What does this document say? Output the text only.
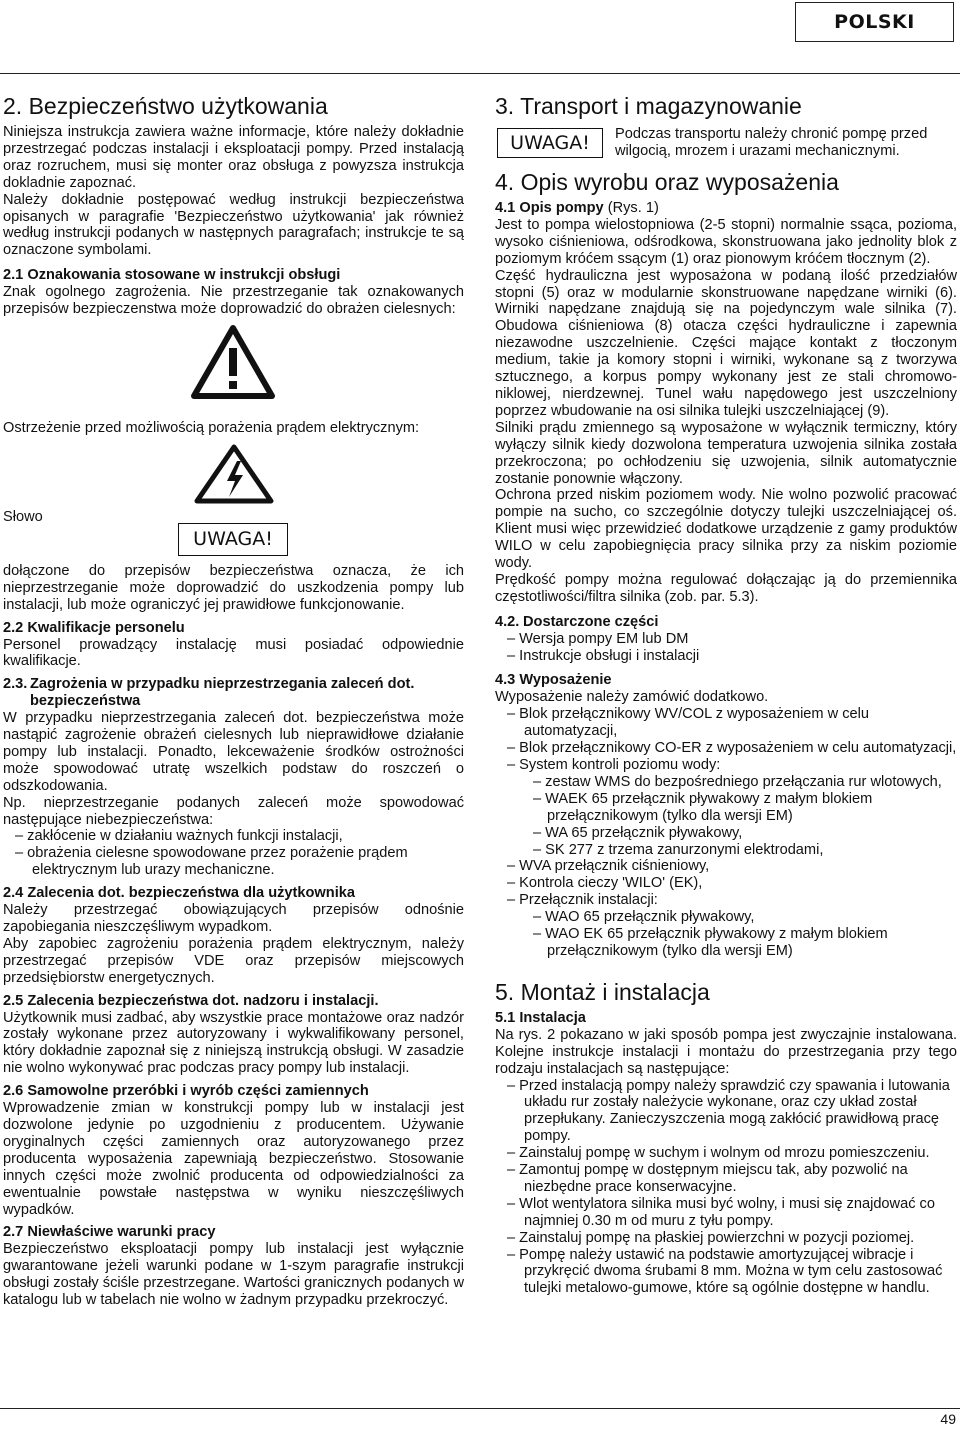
POLSKI
2. Bezpieczeństwo użytkowania

Niniejsza instrukcja zawiera ważne informacje, które należy dokładnie przestrzegać podczas instalacji i eksploatacji pompy. Przed instalacją oraz rozruchem, musi się monter oraz obsługa z powyzsza instrukcja dokladnie zapoznać.

Należy dokładnie postępować według instrukcji bezpieczeństwa opisanych w paragrafie 'Bezpieczeństwo użytkowania' jak również według instrukcji podanych w następnych paragrafach; instrukcje te są oznaczone symbolami.

2.1 Oznakowania stosowane w instrukcji obsługi

Znak ogolnego zagrożenia. Nie przestrzeganie tak oznakowanych przepisów bezpieczenstwa może doprowadzić do obrażen cielesnych:

Ostrzeżenie przed możliwością porażenia prądem elektrycznym:

Słowo
UWAGA!

dołączone do przepisów bezpieczeństwa oznacza, że ich nieprzestrzeganie może doprowadzić do uszkodzenia pompy lub instalacji, lub może ograniczyć jej prawidłowe funkcjonowanie.

2.2 Kwalifikacje personelu

Personel prowadzący instalację musi posiadać odpowiednie kwalifikacje.

2.3. Zagrożenia w przypadku nieprzestrzegania zaleceń dot.
bezpieczeństwa

W przypadku nieprzestrzegania zaleceń dot. bezpieczeństwa może nastąpić zagrożenie obrażeń cielesnych lub nieprawidłowe działanie pompy lub instalacji. Ponadto, lekceważenie środków ostrożności może spowodować utratę wszelkich podstaw do roszczeń o odszkodowania.

Np. nieprzestrzeganie podanych zaleceń może spowodować następujące niebezpieczeństwa:

– zakłócenie w działaniu ważnych funkcji instalacji,
– obrażenia cielesne spowodowane przez porażenie prądem elektrycznym lub urazy mechaniczne.
2.4 Zalecenia dot. bezpieczeństwa dla użytkownika

Należy przestrzegać obowiązujących przepisów odnośnie zapobiegania nieszczęśliwym wypadkom.

Aby zapobiec zagrożeniu porażenia prądem elektrycznym, należy przestrzegać przepisów VDE oraz przepisów miejscowych przedsiębiorstw energetycznych.

2.5 Zalecenia bezpieczeństwa dot. nadzoru i instalacji.

Użytkownik musi zadbać, aby wszystkie prace montażowe oraz nadzór zostały wykonane przez autoryzowany i wykwalifikowany personel, który dokładnie zapoznał się z niniejszą instrukcją obsługi. W zasadzie nie wolno wykonywać prac podczas pracy pompy lub instalacji.

2.6 Samowolne przeróbki i wyrób części zamiennych

Wprowadzenie zmian w konstrukcji pompy lub w instalacji jest dozwolone jedynie po uzgodnieniu z producentem. Używanie oryginalnych części zamiennych oraz autoryzowanego przez producenta wyposażenia zapewniają bezpieczeństwo. Stosowanie innych części może zwolnić producenta od odpowiedzialności za ewentualnie powstałe następstwa w wyniku nieszczęśliwych wypadków.

2.7 Niewłaściwe warunki pracy

Bezpieczeństwo eksploatacji pompy lub instalacji jest wyłącznie gwarantowane jeżeli warunki podane w 1-szym paragrafie instrukcji obsługi zostały ściśle przestrzegane. Wartości granicznych podanych w katalogu lub w tabelach nie wolno w żadnym przypadku przekroczyć.

3. Transport i magazynowanie
UWAGA!	Podczas transportu należy chronić pompę przed wilgocią, mrozem i urazami mechanicznymi.

4. Opis wyrobu oraz wyposażenia
4.1 Opis pompy (Rys. 1)

Jest to pompa wielostopniowa (2-5 stopni) normalnie ssąca, pozioma, wysoko ciśnieniowa, odśrodkowa, skonstruowana jako jednolity blok z poziomym króćem ssącym (1) oraz pionowym króćem tłocznym (2).

Część hydrauliczna jest wyposażona w podaną ilość przedziałów stopni (5) oraz w modularnie skonstruowane napędzane wirniki (6). Wirniki napędzane znajdują się na pojedynczym wale silnika (7). Obudowa ciśnieniowa (8) otacza części hydrauliczne i zapewnia niezawodne uszczelnienie. Części mające kontakt z tłoczonym medium, takie ja komory stopni i wirniki, wykonane są z tworzywa sztucznego, a korpus pompy wykonany jest ze stali chromowo-niklowej, nierdzewnej. Tunel wału napędowego jest uszczelniony poprzez wbudowanie na osi silnika tulejki uszczelniającej (9).

Silniki prądu zmiennego są wyposażone w wyłącznik termiczny, który wyłączy silnik kiedy dozwolona temperatura uzwojenia silnika została przekroczona; po ochłodzeniu się uzwojenia, silnik automatycznie zostanie ponownie włączony.

Ochrona przed niskim poziomem wody. Nie wolno pozwolić pracować pompie na sucho, co szczególnie dotyczy tulejki uszczelniającej oś. Klient musi więc przewidzieć dodatkowe urządzenie z gamy produktów WILO w celu zapobiegnięcia pracy silnika przy za niskim poziomie wody.

Prędkość pompy można regulować dołączając ją do przemiennika częstotliwości/filtra silnika (zob. par. 5.3).

4.2. Dostarczone części
– Wersja pompy EM lub DM
– Instrukcje obsługi i instalacji
4.3 Wyposażenie

Wyposażenie należy zamówić dodatkowo.

– Blok przełącznikowy WV/COL z wyposażeniem w celu automatyzacji,
– Blok przełącznikowy CO-ER z wyposażeniem w celu automatyzacji,
– System kontroli poziomu wody:
– zestaw WMS do bezpośredniego przełączania rur wlotowych,
– WAEK 65 przełącznik pływakowy z małym blokiem przełącznikowym (tylko dla wersji EM)
– WA 65 przełącznik pływakowy,
– SK 277 z trzema zanurzonymi elektrodami,
– WVA przełącznik ciśnieniowy,
– Kontrola cieczy 'WILO' (EK),
– Przełącznik instalacji:
– WAO 65 przełącznik pływakowy,
– WAO EK 65 przełącznik pływakowy z małym blokiem przełącznikowym (tylko dla wersji EM)
5. Montaż i instalacja
5.1 Instalacja

Na rys. 2 pokazano w jaki sposób pompa jest zwyczajnie instalowana. Kolejne instrukcje instalacji i montażu do przestrzegania przy tego rodzaju instalacjach są następujące:

– Przed instalacją pompy należy sprawdzić czy spawania i lutowania układu rur zostały należycie wykonane, oraz czy układ został przepłukany. Zanieczyszczenia mogą zakłócić prawidłową pracę pompy.
– Zainstaluj pompę w suchym i wolnym od mrozu pomieszczeniu.
– Zamontuj pompę w dostępnym miejscu tak, aby pozwolić na niezbędne prace konserwacyjne.
– Wlot wentylatora silnika musi być wolny, i musi się znajdować co najmniej 0.30 m od muru z tyłu pompy.
– Zainstaluj pompę na płaskiej powierzchni w pozycji poziomej.
– Pompę należy ustawić na podstawie amortyzującej wibracje i przykręcić dwoma śrubami 8 mm. Można w tym celu zastosować tulejki metalowo-gumowe, które są ogólnie dostępne w handlu.
49
